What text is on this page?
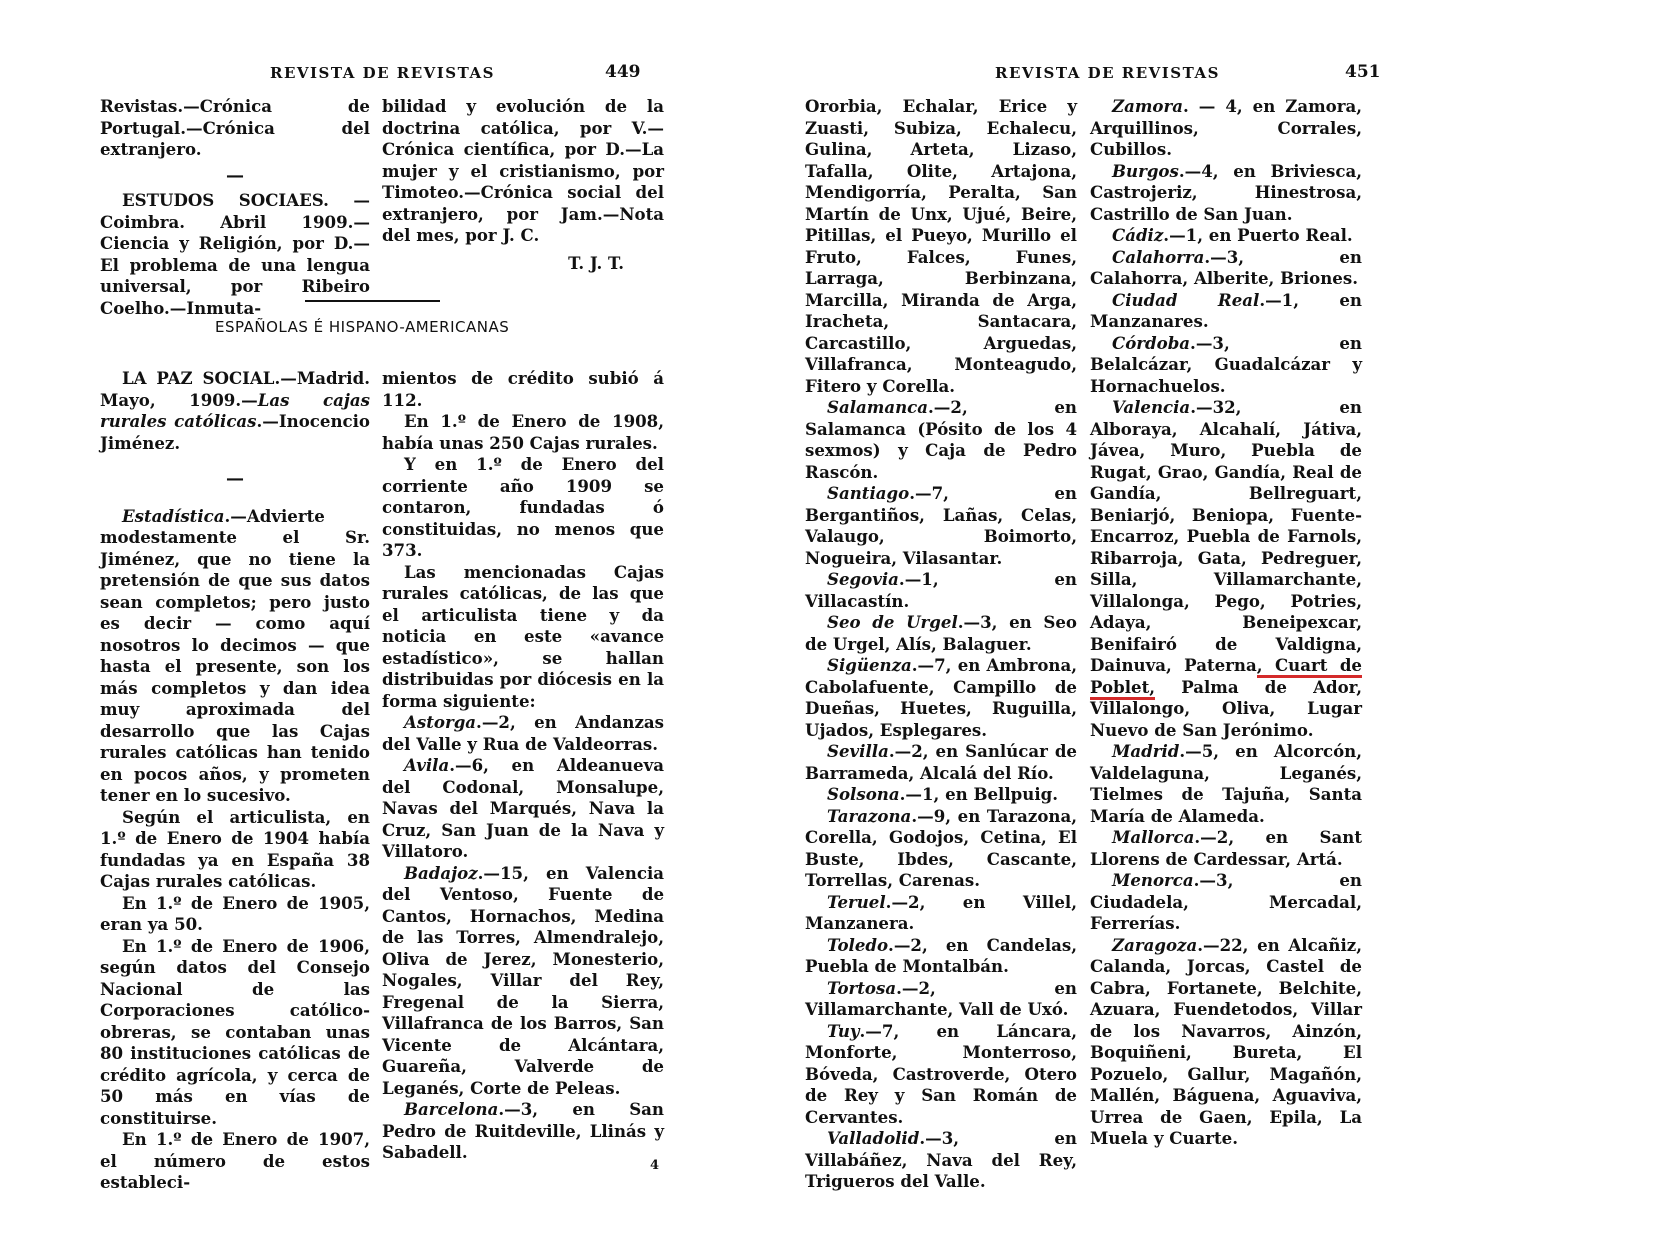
REVISTA DE REVISTAS	449

Revistas.—Crónica de Portugal.—Crónica del extranjero.

—

ESTUDOS SOCIAES. — Coimbra. Abril 1909.—Ciencia y Religión, por D.—El problema de una lengua universal, por Ribeiro Coelho.—Inmuta-

bilidad y evolución de la doctrina católica, por V.—Crónica científica, por D.—La mujer y el cristianismo, por Timoteo.—Crónica social del extranjero, por Jam.—Nota del mes, por J. C.

T. J. T.

ESPAÑOLAS É HISPANO-AMERICANAS

LA PAZ SOCIAL.—Madrid. Mayo, 1909.—Las cajas rurales católicas.—Inocencio Jiménez.

—

Estadística.—Advierte modestamente el Sr. Jiménez, que no tiene la pretensión de que sus datos sean completos; pero justo es decir — como aquí nosotros lo decimos — que hasta el presente, son los más completos y dan idea muy aproximada del desarrollo que las Cajas rurales católicas han tenido en pocos años, y prometen tener en lo sucesivo.

Según el articulista, en 1.º de Enero de 1904 había fundadas ya en España 38 Cajas rurales católicas.

En 1.º de Enero de 1905, eran ya 50.

En 1.º de Enero de 1906, según datos del Consejo Nacional de las Corporaciones católico-obreras, se contaban unas 80 instituciones católicas de crédito agrícola, y cerca de 50 más en vías de constituirse.

En 1.º de Enero de 1907, el número de estos estableci-

mientos de crédito subió á 112.

En 1.º de Enero de 1908, había unas 250 Cajas rurales.

Y en 1.º de Enero del corriente año 1909 se contaron, fundadas ó constituidas, no menos que 373.

Las mencionadas Cajas rurales católicas, de las que el articulista tiene y da noticia en este «avance estadístico», se hallan distribuidas por diócesis en la forma siguiente:

Astorga.—2, en Andanzas del Valle y Rua de Valdeorras.

Avila.—6, en Aldeanueva del Codonal, Monsalupe, Navas del Marqués, Nava la Cruz, San Juan de la Nava y Villatoro.

Badajoz.—15, en Valencia del Ventoso, Fuente de Cantos, Hornachos, Medina de las Torres, Almendralejo, Oliva de Jerez, Monesterio, Nogales, Villar del Rey, Fregenal de la Sierra, Villafranca de los Barros, San Vicente de Alcántara, Guareña, Valverde de Leganés, Corte de Peleas.

Barcelona.—3, en San Pedro de Ruitdeville, Llinás y Sabadell.

4
REVISTA DE REVISTAS	451

Ororbia, Echalar, Erice y Zuasti, Subiza, Echalecu, Gulina, Arteta, Lizaso, Tafalla, Olite, Artajona, Mendigorría, Peralta, San Martín de Unx, Ujué, Beire, Pitillas, el Pueyo, Murillo el Fruto, Falces, Funes, Larraga, Berbinzana, Marcilla, Miranda de Arga, Iracheta, Santacara, Carcastillo, Arguedas, Villafranca, Monteagudo, Fitero y Corella.

Salamanca.—2, en Salamanca (Pósito de los 4 sexmos) y Caja de Pedro Rascón.

Santiago.—7, en Bergantiños, Lañas, Celas, Valaugo, Boimorto, Nogueira, Vilasantar.

Segovia.—1, en Villacastín.

Seo de Urgel.—3, en Seo de Urgel, Alís, Balaguer.

Sigüenza.—7, en Ambrona, Cabolafuente, Campillo de Dueñas, Huetes, Ruguilla, Ujados, Esplegares.

Sevilla.—2, en Sanlúcar de Barrameda, Alcalá del Río.

Solsona.—1, en Bellpuig.

Tarazona.—9, en Tarazona, Corella, Godojos, Cetina, El Buste, Ibdes, Cascante, Torrellas, Carenas.

Teruel.—2, en Villel, Manzanera.

Toledo.—2, en Candelas, Puebla de Montalbán.

Tortosa.—2, en Villamarchante, Vall de Uxó.

Tuy.—7, en Láncara, Monforte, Monterroso, Bóveda, Castroverde, Otero de Rey y San Román de Cervantes.

Valladolid.—3, en Villabáñez, Nava del Rey, Trigueros del Valle.

Zamora. — 4, en Zamora, Arquillinos, Corrales, Cubillos.

Burgos.—4, en Briviesca, Castrojeriz, Hinestrosa, Castrillo de San Juan.

Cádiz.—1, en Puerto Real.

Calahorra.—3, en Calahorra, Alberite, Briones.

Ciudad Real.—1, en Manzanares.

Córdoba.—3, en Belalcázar, Guadalcázar y Hornachuelos.

Valencia.—32, en Alboraya, Alcahalí, Játiva, Jávea, Muro, Puebla de Rugat, Grao, Gandía, Real de Gandía, Bellreguart, Beniarjó, Beniopa, Fuente-Encarroz, Puebla de Farnols, Ribarroja, Gata, Pedreguer, Silla, Villamarchante, Villalonga, Pego, Potries, Adaya, Beneipexcar, Benifairó de Valdigna, Dainuva, Paterna, Cuart de Poblet, Palma de Ador, Villalongo, Oliva, Lugar Nuevo de San Jerónimo.

Madrid.—5, en Alcorcón, Valdelaguna, Leganés, Tielmes de Tajuña, Santa María de Alameda.

Mallorca.—2, en Sant Llorens de Cardessar, Artá.

Menorca.—3, en Ciudadela, Mercadal, Ferrerías.

Zaragoza.—22, en Alcañiz, Calanda, Jorcas, Castel de Cabra, Fortanete, Belchite, Azuara, Fuendetodos, Villar de los Navarros, Ainzón, Boquiñeni, Bureta, El Pozuelo, Gallur, Magañón, Mallén, Báguena, Aguaviva, Urrea de Gaen, Epila, La Muela y Cuarte.
